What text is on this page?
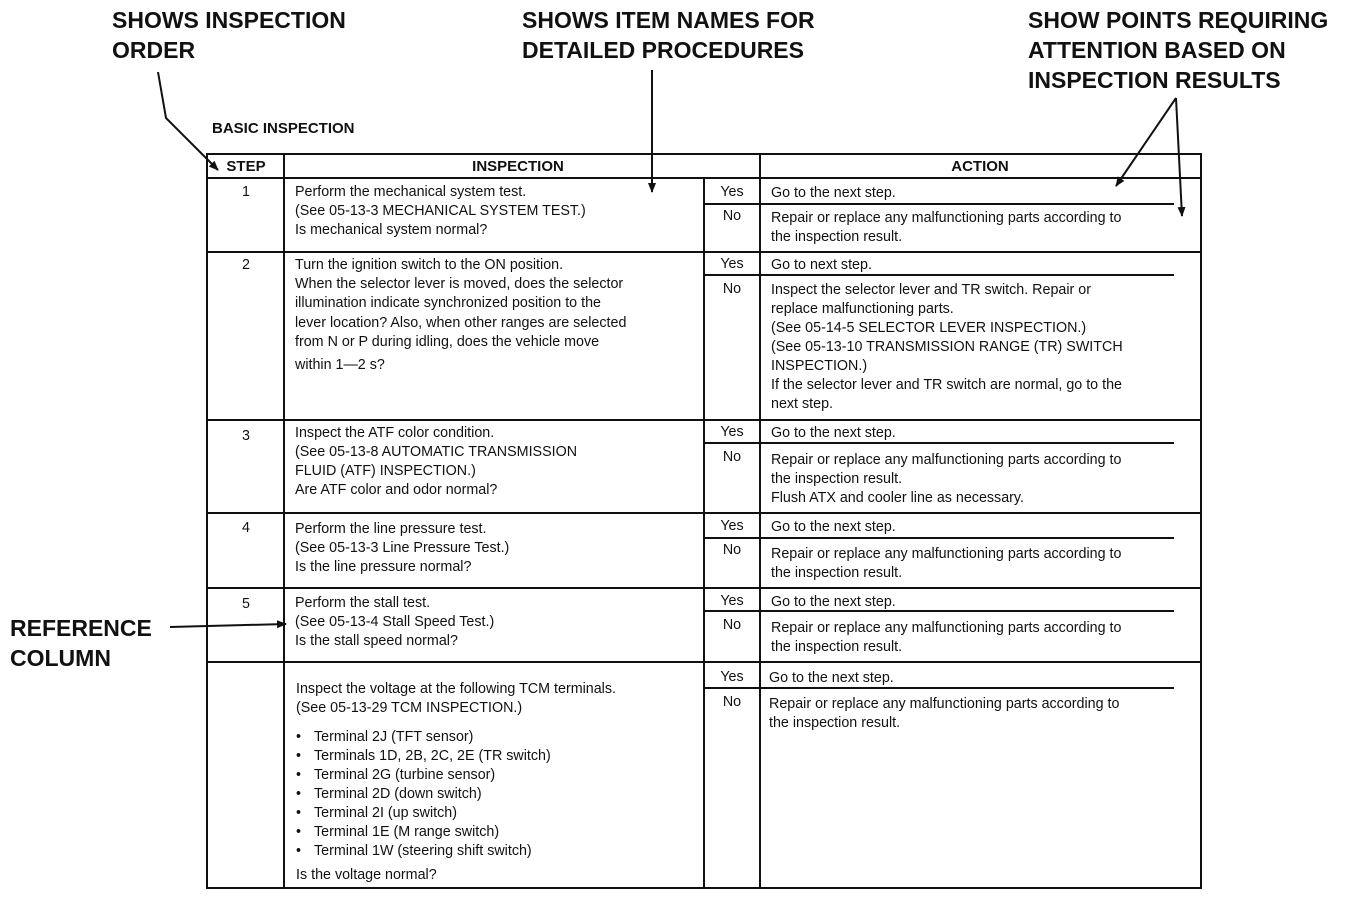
SHOWS INSPECTION
ORDER
SHOWS ITEM NAMES FOR
DETAILED PROCEDURES
SHOW POINTS REQUIRING
ATTENTION BASED ON
INSPECTION RESULTS
REFERENCE
COLUMN
BASIC INSPECTION
STEP	INSPECTION	ACTION
1	Perform the mechanical system test.
(See 05-13-3 MECHANICAL SYSTEM TEST.)
Is mechanical system normal?
Yes	Go to the next step.
No	Repair or replace any malfunctioning parts according to
the inspection result.
2	Turn the ignition switch to the ON position.
When the selector lever is moved, does the selector
illumination indicate synchronized position to the
lever location? Also, when other ranges are selected
from N or P during idling, does the vehicle move
within 1—2 s?
Yes	Go to next step.
No	Inspect the selector lever and TR switch. Repair or
replace malfunctioning parts.
(See 05-14-5 SELECTOR LEVER INSPECTION.)
(See 05-13-10 TRANSMISSION RANGE (TR) SWITCH
INSPECTION.)
If the selector lever and TR switch are normal, go to the
next step.
3	Inspect the ATF color condition.
(See 05-13-8 AUTOMATIC TRANSMISSION
FLUID (ATF) INSPECTION.)
Are ATF color and odor normal?
Yes	Go to the next step.
No	Repair or replace any malfunctioning parts according to
the inspection result.
Flush ATX and cooler line as necessary.
4	Perform the line pressure test.
(See 05-13-3 Line Pressure Test.)
Is the line pressure normal?
Yes	Go to the next step.
No	Repair or replace any malfunctioning parts according to
the inspection result.
5	Perform the stall test.
(See 05-13-4 Stall Speed Test.)
Is the stall speed normal?
Yes	Go to the next step.
No	Repair or replace any malfunctioning parts according to
the inspection result.
Inspect the voltage at the following TCM terminals.
(See 05-13-29 TCM INSPECTION.)
• Terminal 2J (TFT sensor)
• Terminals 1D, 2B, 2C, 2E (TR switch)
• Terminal 2G (turbine sensor)
• Terminal 2D (down switch)
• Terminal 2I (up switch)
• Terminal 1E (M range switch)
• Terminal 1W (steering shift switch)
Is the voltage normal?
Yes	Go to the next step.
No	Repair or replace any malfunctioning parts according to
the inspection result.
